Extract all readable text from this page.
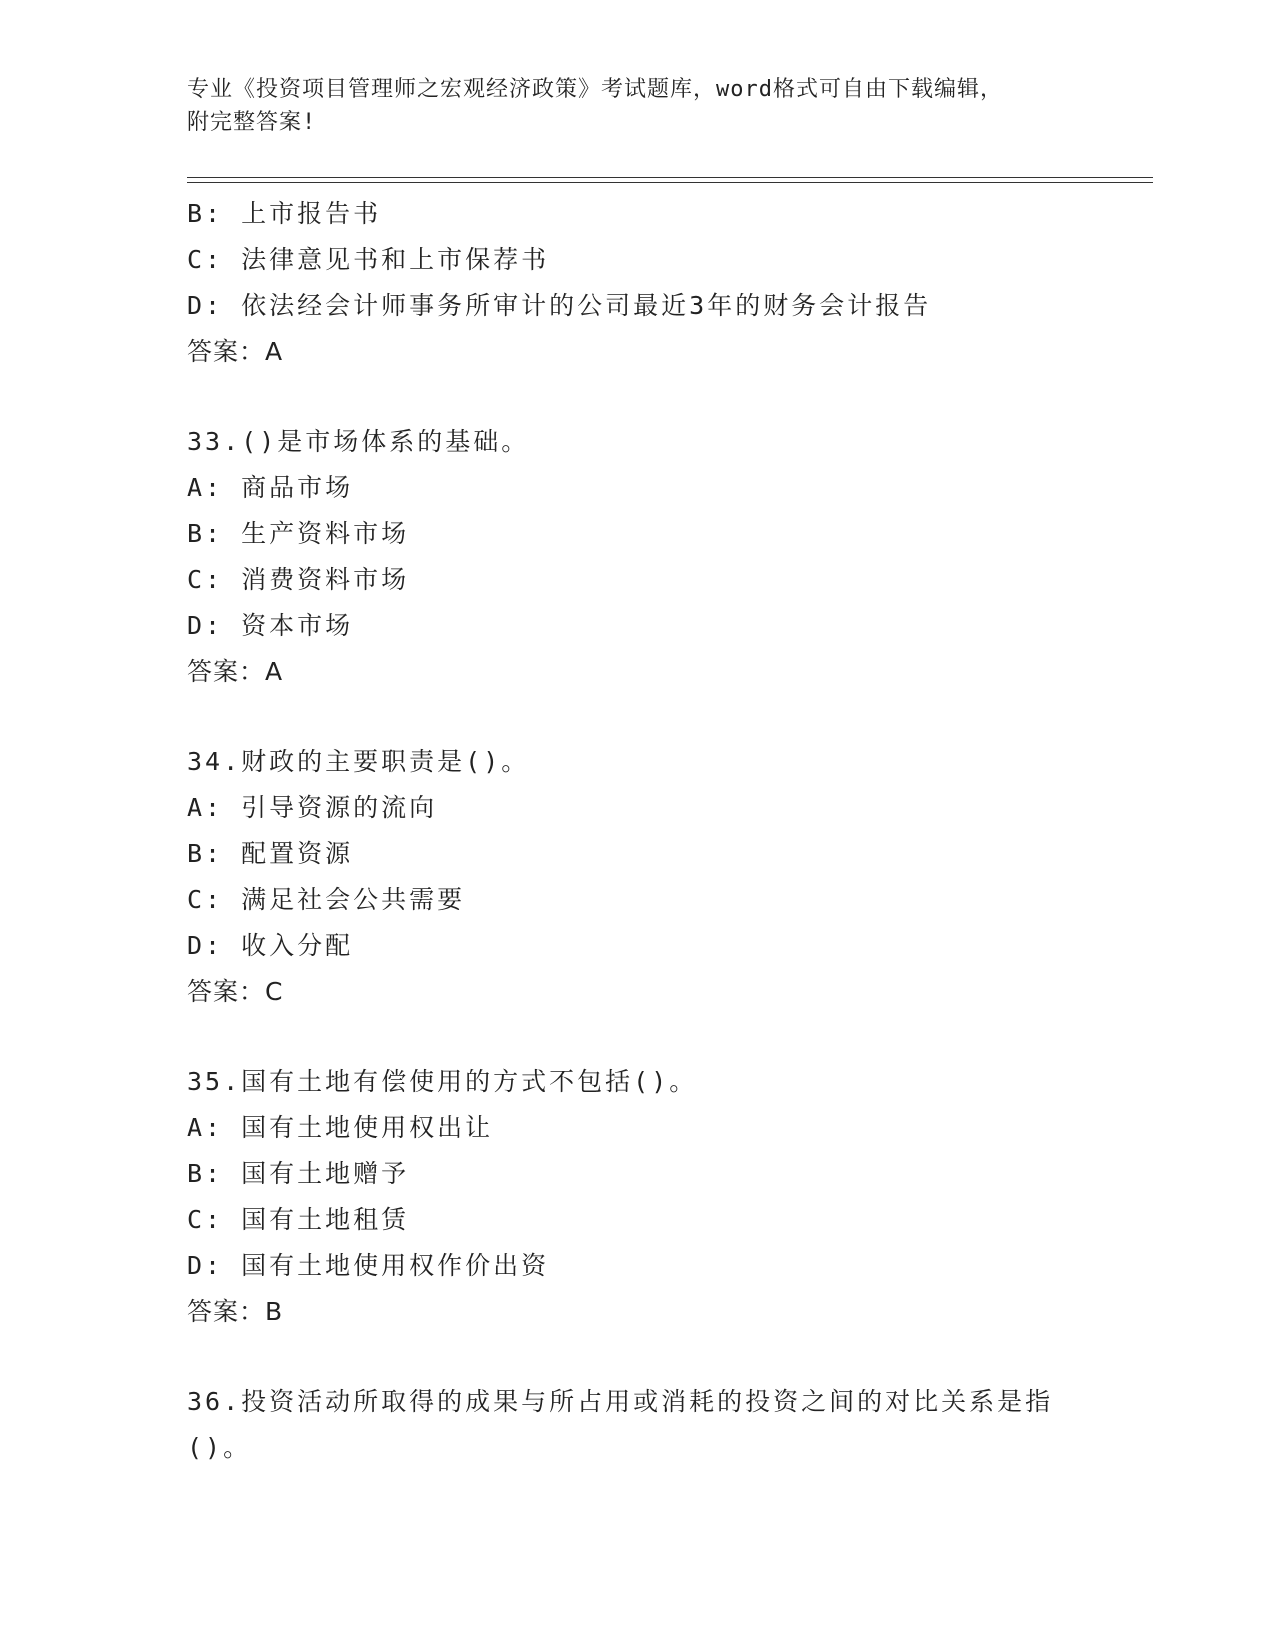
专业《投资项目管理师之宏观经济政策》考试题库，word格式可自由下载编辑，
附完整答案!
B: 上市报告书
C: 法律意见书和上市保荐书
D: 依法经会计师事务所审计的公司最近3年的财务会计报告
答案：A
33.()是市场体系的基础。
A: 商品市场
B: 生产资料市场
C: 消费资料市场
D: 资本市场
答案：A
34.财政的主要职责是()。
A: 引导资源的流向
B: 配置资源
C: 满足社会公共需要
D: 收入分配
答案：C
35.国有土地有偿使用的方式不包括()。
A: 国有土地使用权出让
B: 国有土地赠予
C: 国有土地租赁
D: 国有土地使用权作价出资
答案：B
36.投资活动所取得的成果与所占用或消耗的投资之间的对比关系是指
()。
